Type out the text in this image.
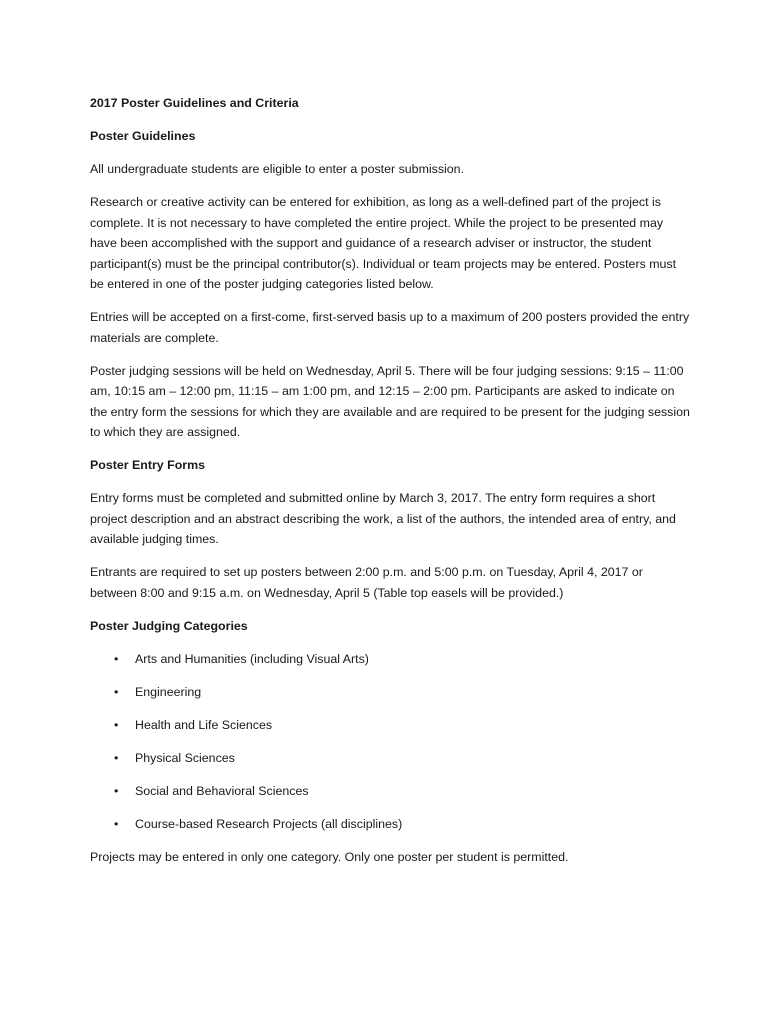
2017 Poster Guidelines and Criteria

Poster Guidelines

All undergraduate students are eligible to enter a poster submission.

Research or creative activity can be entered for exhibition, as long as a well-defined part of the project is complete. It is not necessary to have completed the entire project. While the project to be presented may have been accomplished with the support and guidance of a research adviser or instructor, the student participant(s) must be the principal contributor(s). Individual or team projects may be entered. Posters must be entered in one of the poster judging categories listed below.

Entries will be accepted on a first-come, first-served basis up to a maximum of 200 posters provided the entry materials are complete.

Poster judging sessions will be held on Wednesday, April 5. There will be four judging sessions: 9:15 – 11:00 am, 10:15 am – 12:00 pm, 11:15 – am 1:00 pm, and 12:15 – 2:00 pm. Participants are asked to indicate on the entry form the sessions for which they are available and are required to be present for the judging session to which they are assigned.

Poster Entry Forms

Entry forms must be completed and submitted online by March 3, 2017. The entry form requires a short project description and an abstract describing the work, a list of the authors, the intended area of entry, and available judging times.

Entrants are required to set up posters between 2:00 p.m. and 5:00 p.m. on Tuesday, April 4, 2017 or between 8:00 and 9:15 a.m. on Wednesday, April 5 (Table top easels will be provided.)

Poster Judging Categories

• Arts and Humanities (including Visual Arts)
• Engineering
• Health and Life Sciences
• Physical Sciences
• Social and Behavioral Sciences
• Course-based Research Projects (all disciplines)

Projects may be entered in only one category. Only one poster per student is permitted.
